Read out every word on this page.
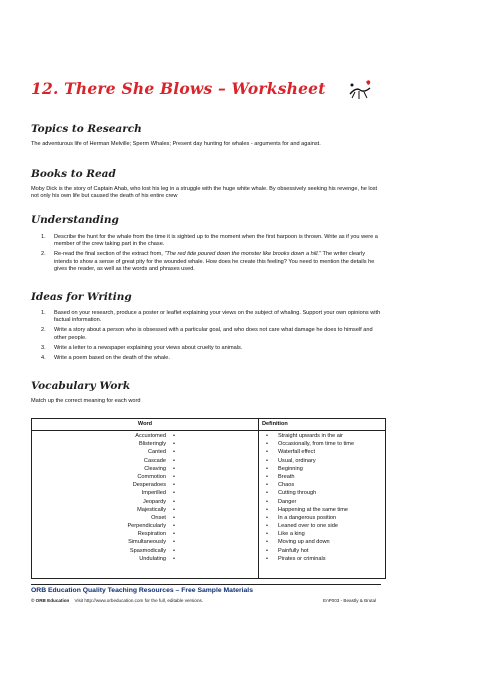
12. There She Blows – Worksheet
Topics to Research
The adventurous life of Herman Melville; Sperm Whales; Present day hunting for whales - arguments for and against.
Books to Read
Moby Dick is the story of Captain Ahab, who lost his leg in a struggle with the huge white whale. By obsessively seeking his revenge, he lost not only his own life but caused the death of his entire crew
Understanding
1. Describe the hunt for the whale from the time it is sighted up to the moment when the first harpoon is thrown. Write as if you were a member of the crew taking part in the chase.
2. Re-read the final section of the extract from, "The red tide poured down the monster like brooks down a hill." The writer clearly intends to show a sense of great pity for the wounded whale. How does he create this feeling? You need to mention the details he gives the reader, as well as the words and phrases used.
Ideas for Writing
1. Based on your research, produce a poster or leaflet explaining your views on the subject of whaling. Support your own opinions with factual information.
2. Write a story about a person who is obsessed with a particular goal, and who does not care what damage he does to himself and other people.
3. Write a letter to a newspaper explaining your views about cruelty to animals.
4. Write a poem based on the death of the whale.
Vocabulary Work
Match up the correct meaning for each word
Word	Definition
Accustomed •	• Straight upwards in the air
Blisteringly •	• Occasionally, from time to time
Canted •	• Waterfall effect
Cascade •	• Usual, ordinary
Cleaving •	• Beginning
Commotion •	• Breath
Desperadoes •	• Chaos
Imperilled •	• Cutting through
Jeopardy •	• Danger
Majestically •	• Happening at the same time
Onset •	• In a dangerous position
Perpendicularly •	• Leaned over to one side
Respiration •	• Like a king
Simultaneously •	• Moving up and down
Spasmodically •	• Painfully hot
Undulating •	• Pirates or criminals
ORB Education Quality Teaching Resources – Free Sample Materials
© ORB Education Visit http://www.orbeducation.com for the full, editable versions.	EnP003 - Beastly & Brutal
